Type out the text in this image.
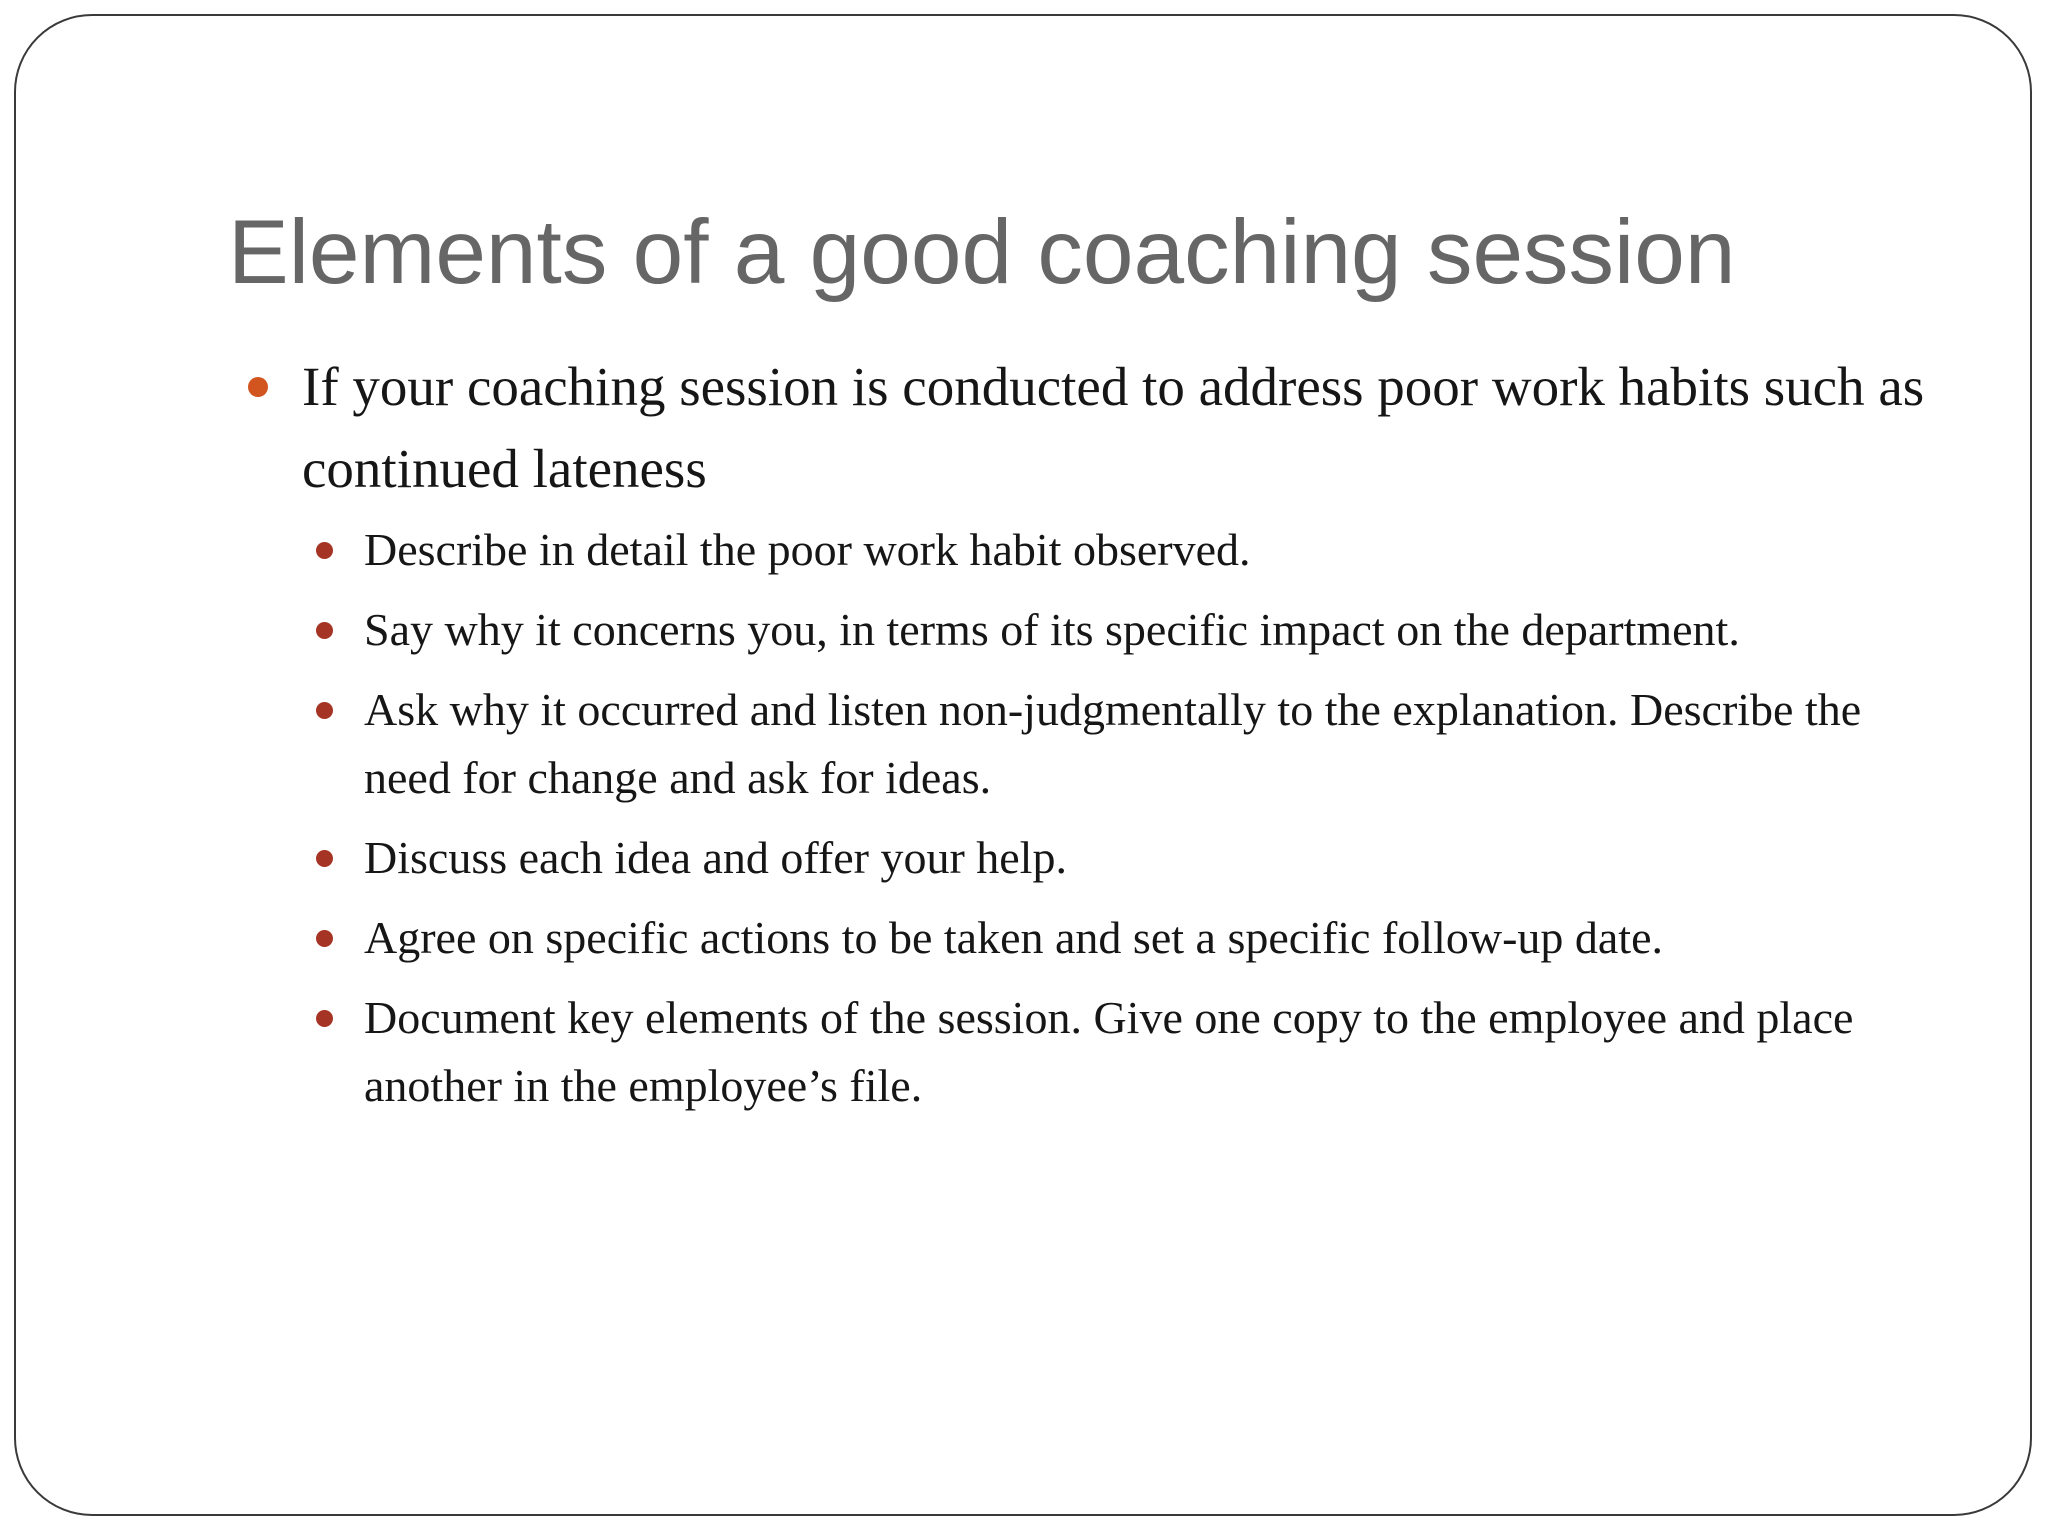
Elements of a good coaching session
If your coaching session is conducted to address poor work habits such as continued lateness
Describe in detail the poor work habit observed.
Say why it concerns you, in terms of its specific impact on the department.
Ask why it occurred and listen non-judgmentally to the explanation. Describe the need for change and ask for ideas.
Discuss each idea and offer your help.
Agree on specific actions to be taken and set a specific follow-up date.
Document key elements of the session. Give one copy to the employee and place another in the employee’s file.
